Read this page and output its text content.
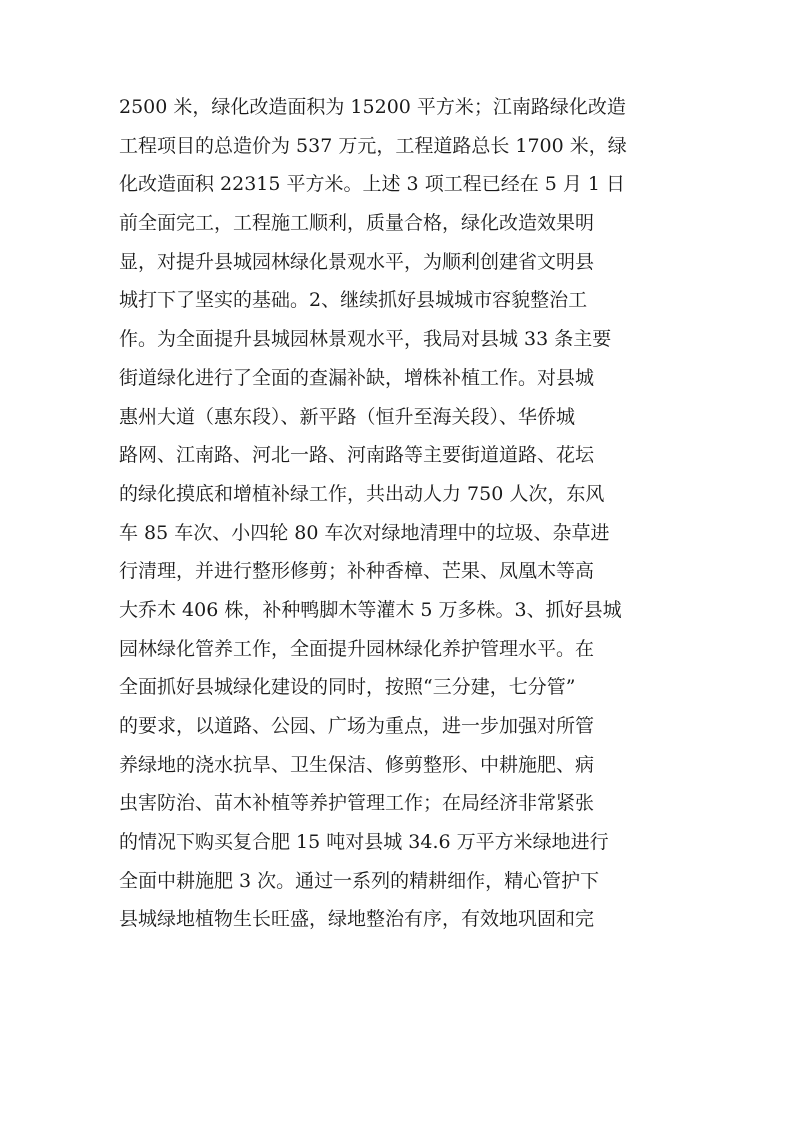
2500 米，绿化改造面积为 15200 平方米；江南路绿化改造
工程项目的总造价为 537 万元，工程道路总长 1700 米，绿
化改造面积 22315 平方米。上述 3 项工程已经在 5 月 1 日
前全面完工，工程施工顺利，质量合格，绿化改造效果明
显，对提升县城园林绿化景观水平，为顺利创建省文明县
城打下了坚实的基础。2、继续抓好县城城市容貌整治工
作。为全面提升县城园林景观水平，我局对县城 33 条主要
街道绿化进行了全面的查漏补缺，增株补植工作。对县城
惠州大道（惠东段）、新平路（恒升至海关段）、华侨城
路网、江南路、河北一路、河南路等主要街道道路、花坛
的绿化摸底和增植补绿工作，共出动人力 750 人次，东风
车 85 车次、小四轮 80 车次对绿地清理中的垃圾、杂草进
行清理，并进行整形修剪；补种香樟、芒果、凤凰木等高
大乔木 406 株，补种鸭脚木等灌木 5 万多株。3、抓好县城
园林绿化管养工作，全面提升园林绿化养护管理水平。在
全面抓好县城绿化建设的同时，按照“三分建，七分管”
的要求，以道路、公园、广场为重点，进一步加强对所管
养绿地的浇水抗旱、卫生保洁、修剪整形、中耕施肥、病
虫害防治、苗木补植等养护管理工作；在局经济非常紧张
的情况下购买复合肥 15 吨对县城 34.6 万平方米绿地进行
全面中耕施肥 3 次。通过一系列的精耕细作，精心管护下
县城绿地植物生长旺盛，绿地整治有序，有效地巩固和完
